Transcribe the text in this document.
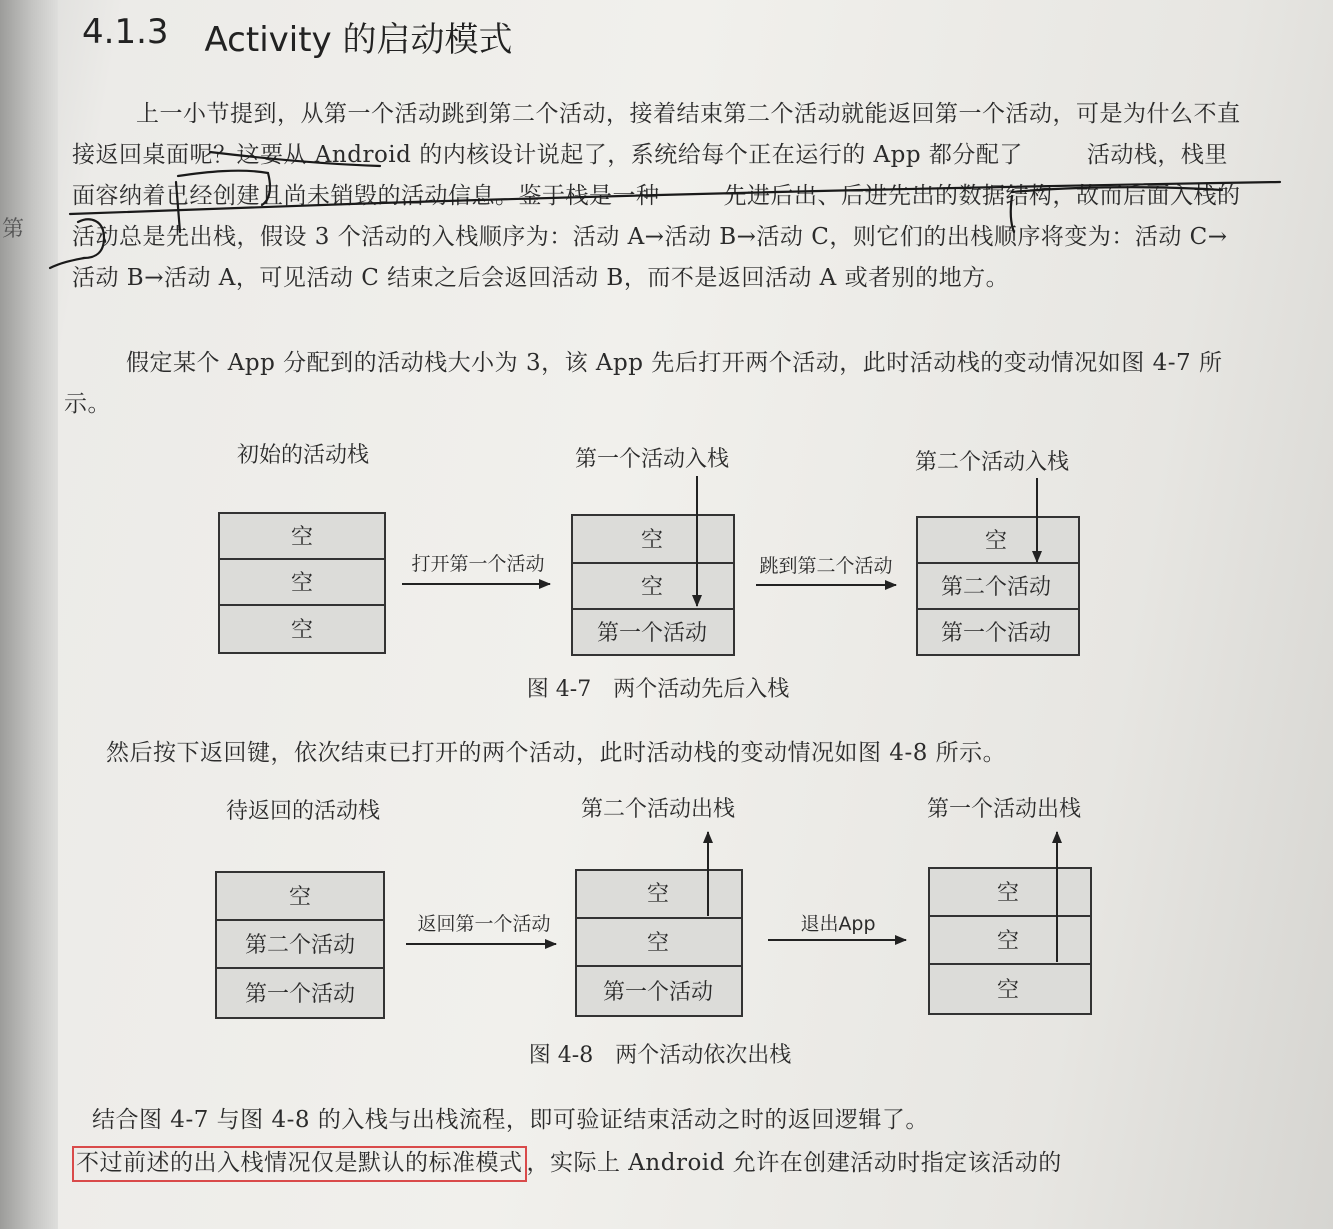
第
4.1.3 Activity 的启动模式

上一小节提到，从第一个活动跳到第二个活动，接着结束第二个活动就能返回第一个活动，可是为什么不直接返回桌面呢？这要从 Android 的内核设计说起了，系统给每个正在运行的 App 都分配了	活动栈，栈里面容纳着已经创建且尚未销毁的活动信息。鉴于栈是一种	先进后出、后进先出的数据结构，故而后面入栈的活动总是先出栈，假设 3 个活动的入栈顺序为：活动 A→活动 B→活动 C，则它们的出栈顺序将变为：活动 C→活动 B→活动 A，可见活动 C 结束之后会返回活动 B，而不是返回活动 A 或者别的地方。

假定某个 App 分配到的活动栈大小为 3，该 App 先后打开两个活动，此时活动栈的变动情况如图 4-7 所示。

然后按下返回键，依次结束已打开的两个活动，此时活动栈的变动情况如图 4-8 所示。

结合图 4-7 与图 4-8 的入栈与出栈流程，即可验证结束活动之时的返回逻辑了。

不过前述的出入栈情况仅是默认的标准模式 ，实际上 Android 允许在创建活动时指定该活动的

初始的活动栈
空
空
空
打开第一个活动
第一个活动入栈
空
空
第一个活动
跳到第二个活动
第二个活动入栈
空
第二个活动
第一个活动
图 4-7　两个活动先后入栈
待返回的活动栈
空
第二个活动
第一个活动
返回第一个活动
第二个活动出栈
空
空
第一个活动
退出App
第一个活动出栈
空
空
空
图 4-8　两个活动依次出栈
